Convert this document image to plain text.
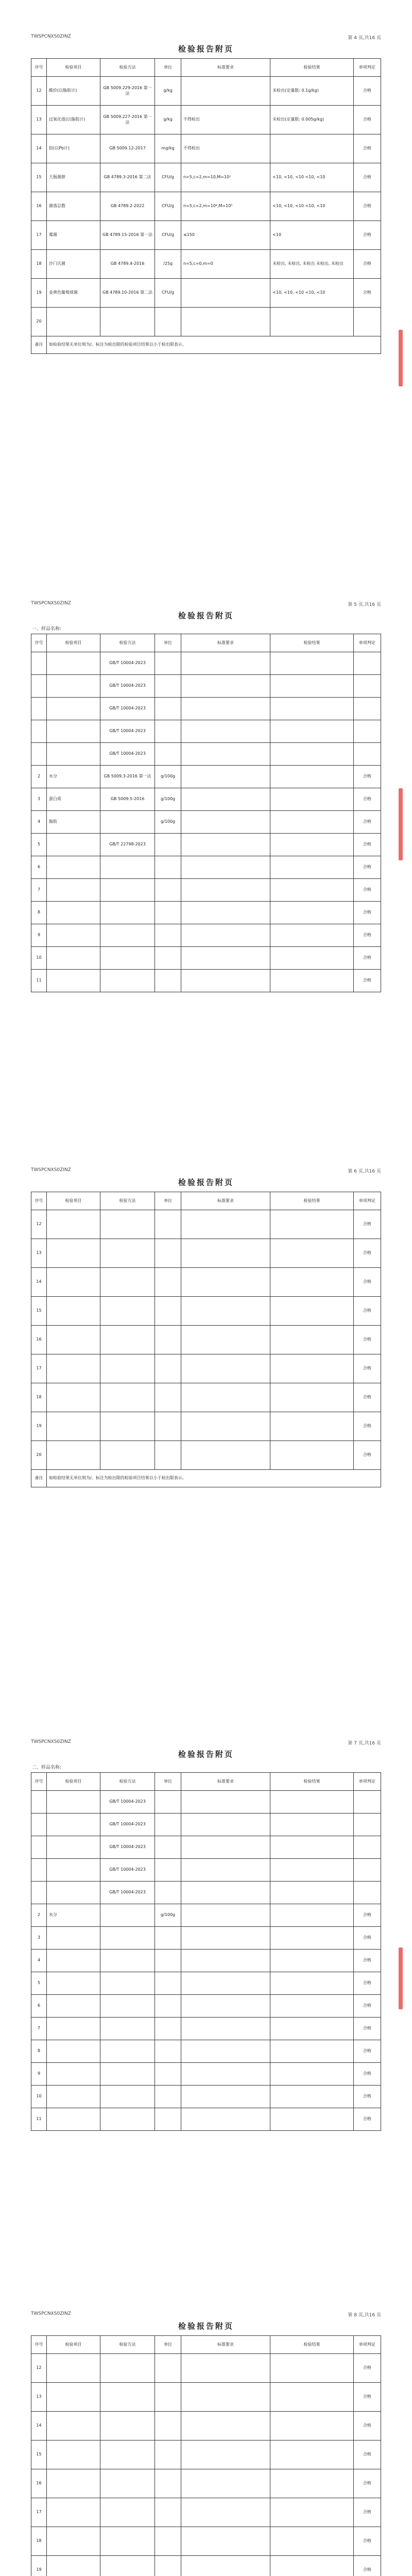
TWSPCNXS0ZINZ	第 4 页,共16 页
检验报告附页
序号	检验项目	检验方法	单位	标准要求	检验结果	单项判定
12	酸价(以脂肪计)	GB 5009.229-2016 第一法	g/kg		未检出(定量限: 0.1g/kg)	合格
13	过氧化值(以脂肪计)	GB 5009.227-2016 第一法	g/kg	不得检出	未检出(定量限: 0.005g/kg)	合格
14	铅(以Pb计)	GB 5009.12-2017	mg/kg	不得检出		合格
15	大肠菌群	GB 4789.3-2016 第二法	CFU/g	n=5,c=2,m=10,M=10²	<10, <10, <10 <10, <10	合格
16	菌落总数	GB 4789.2-2022	CFU/g	n=5,c=2,m=10⁴,M=10⁵	<10, <10, <10 <10, <10	合格
17	霉菌	GB 4789.15-2016 第一法	CFU/g	≤150	<10	合格
18	沙门氏菌	GB 4789.4-2016	/25g	n=5,c=0,m=0	未检出, 未检出, 未检出 未检出, 未检出	合格
19	金黄色葡萄球菌	GB 4789.10-2016 第二法	CFU/g		<10, <10, <10 <10, <10	合格
20						
备注	如检验结果无单位则为/。标注为检出限的检验项目结果以小于检出限表示。					
TWSPCNXS0ZINZ	第 5 页,共16 页
检验报告附页
一、样品名称:
序号	检验项目	检验方法	单位	标准要求	检验结果	单项判定
		GB/T 10004-2023				
		GB/T 10004-2023				
		GB/T 10004-2023				
		GB/T 10004-2023				
		GB/T 10004-2023				
2	水分	GB 5009.3-2016 第一法	g/100g			合格
3	蛋白质	GB 5009.5-2016	g/100g			合格
4	脂肪		g/100g			合格
5		GB/T 22798-2023				合格
6						合格
7						合格
8						合格
9						合格
10						合格
11						合格
TWSPCNXS0ZINZ	第 6 页,共16 页
检验报告附页
序号	检验项目	检验方法	单位	标准要求	检验结果	单项判定
12						合格
13						合格
14						合格
15						合格
16						合格
17						合格
18						合格
19						合格
20						合格
备注	如检验结果无单位则为/。标注为检出限的检验项目结果以小于检出限表示。					
TWSPCNXS0ZINZ	第 7 页,共16 页
检验报告附页
二、样品名称:
序号	检验项目	检验方法	单位	标准要求	检验结果	单项判定
		GB/T 10004-2023				
		GB/T 10004-2023				
		GB/T 10004-2023				
		GB/T 10004-2023				
		GB/T 10004-2023				
2	水分		g/100g			合格
3						合格
4						合格
5						合格
6						合格
7						合格
8						合格
9						合格
10						合格
11						合格
TWSPCNXS0ZINZ	第 8 页,共16 页
检验报告附页
序号	检验项目	检验方法	单位	标准要求	检验结果	单项判定
12						合格
13						合格
14						合格
15						合格
16						合格
17						合格
18						合格
19						合格
